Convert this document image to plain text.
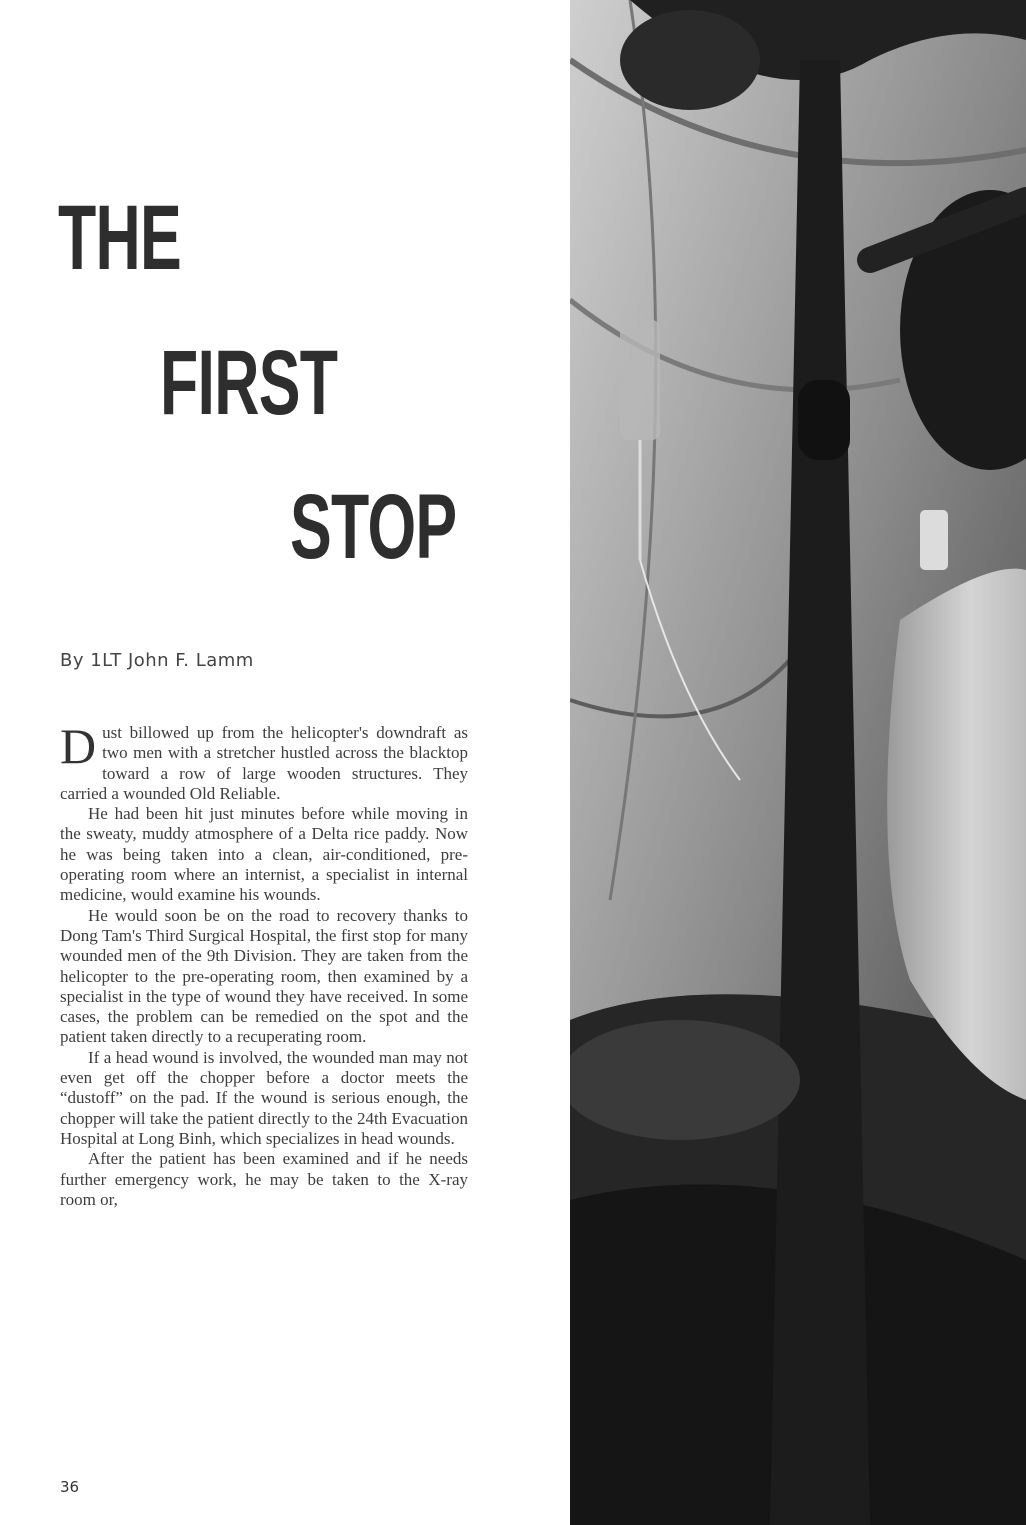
THE
FIRST
STOP
By 1LT John F. Lamm

Dust billowed up from the helicopter's downdraft as two men with a stretcher hustled across the blacktop toward a row of large wooden structures. They carried a wounded Old Reliable.

He had been hit just minutes before while moving in the sweaty, muddy atmosphere of a Delta rice paddy. Now he was being taken into a clean, air-conditioned, pre-operating room where an internist, a specialist in internal medicine, would examine his wounds.

He would soon be on the road to recovery thanks to Dong Tam's Third Surgical Hospital, the first stop for many wounded men of the 9th Division. They are taken from the helicopter to the pre-operating room, then examined by a specialist in the type of wound they have received. In some cases, the problem can be remedied on the spot and the patient taken directly to a recuperating room.

If a head wound is involved, the wounded man may not even get off the chopper before a doctor meets the “dustoff” on the pad. If the wound is serious enough, the chopper will take the patient directly to the 24th Evacuation Hospital at Long Binh, which specializes in head wounds.

After the patient has been examined and if he needs further emergency work, he may be taken to the X-ray room or,

36
